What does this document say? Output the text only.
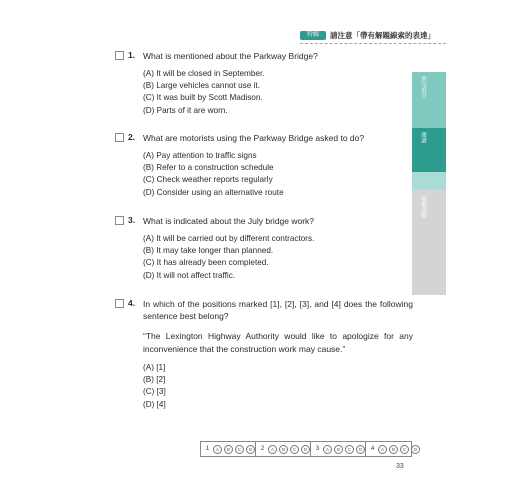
特輯	請注意「帶有解題線索的表達」
1. What is mentioned about the Parkway Bridge?
(A) It will be closed in September.
(B) Large vehicles cannot use it.
(C) It was built by Scott Madison.
(D) Parts of it are worn.
2. What are motorists using the Parkway Bridge asked to do?
(A) Pay attention to traffic signs
(B) Refer to a construction schedule
(C) Check weather reports regularly
(D) Consider using an alternative route
3. What is indicated about the July bridge work?
(A) It will be carried out by different contractors.
(B) It may take longer than planned.
(C) It has already been completed.
(D) It will not affect traffic.
4. In which of the positions marked [1], [2], [3], and [4] does the following sentence best belong?
“The Lexington Highway Authority would like to apologize for any inconvenience that the construction work may cause.”
(A) [1]
(B) [2]
(C) [3]
(D) [4]
單句填空
閱讀
模擬測驗
1	A	B	C	D	2	A	B	C	D	3	A	B	C	D	4	A	B	C	D
33
